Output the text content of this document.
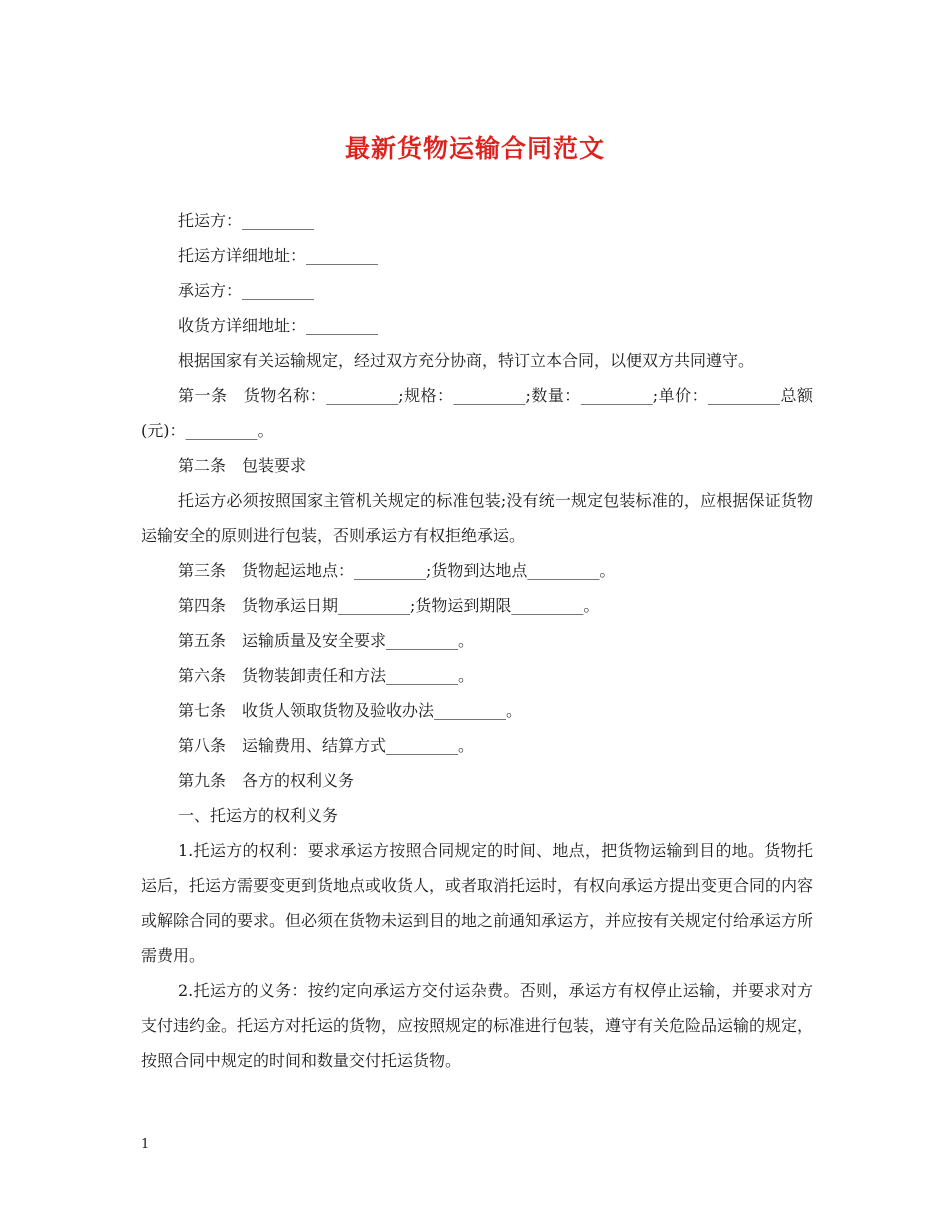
最新货物运输合同范文

托运方：_________

托运方详细地址：_________

承运方：_________

收货方详细地址：_________

根据国家有关运输规定，经过双方充分协商，特订立本合同，以便双方共同遵守。

第一条　货物名称：_________;规格：_________;数量：_________;单价：_________总额(元)：_________。

第二条　包装要求

托运方必须按照国家主管机关规定的标准包装;没有统一规定包装标准的，应根据保证货物运输安全的原则进行包装，否则承运方有权拒绝承运。

第三条　货物起运地点：_________;货物到达地点_________。

第四条　货物承运日期_________;货物运到期限_________。

第五条　运输质量及安全要求_________。

第六条　货物装卸责任和方法_________。

第七条　收货人领取货物及验收办法_________。

第八条　运输费用、结算方式_________。

第九条　各方的权利义务

一、托运方的权利义务

1.托运方的权利：要求承运方按照合同规定的时间、地点，把货物运输到目的地。货物托运后，托运方需要变更到货地点或收货人，或者取消托运时，有权向承运方提出变更合同的内容或解除合同的要求。但必须在货物未运到目的地之前通知承运方，并应按有关规定付给承运方所需费用。

2.托运方的义务：按约定向承运方交付运杂费。否则，承运方有权停止运输，并要求对方支付违约金。托运方对托运的货物，应按照规定的标准进行包装，遵守有关危险品运输的规定，按照合同中规定的时间和数量交付托运货物。

1
